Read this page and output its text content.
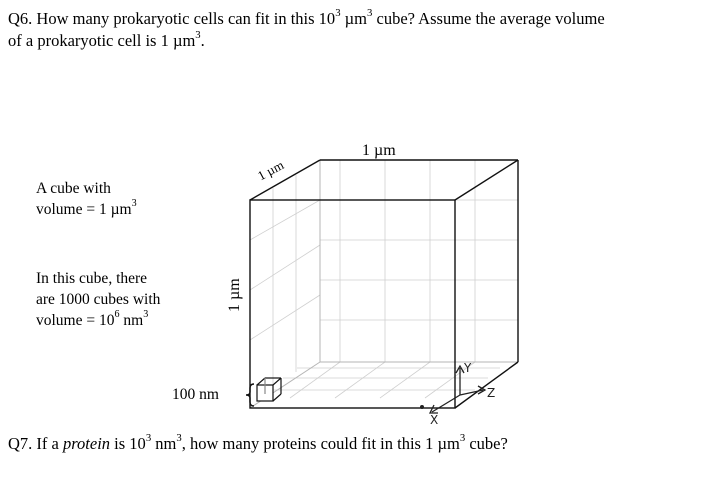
Q6. How many prokaryotic cells can fit in this $10^3$ µm$^3$ cube? Assume the average volume
of a prokaryotic cell is 1 µm$^3$.
A cube with
volume = 1 µm$^3$
In this cube, there
are 1000 cubes with
volume = $10^6$ $nm^3$
1 µm
1 µm
1 µm
100 nm
Y
Z
X
Q7. If a protein is $10^3$ $nm^3$, how many proteins could fit in this 1 µm$^3$ cube?
